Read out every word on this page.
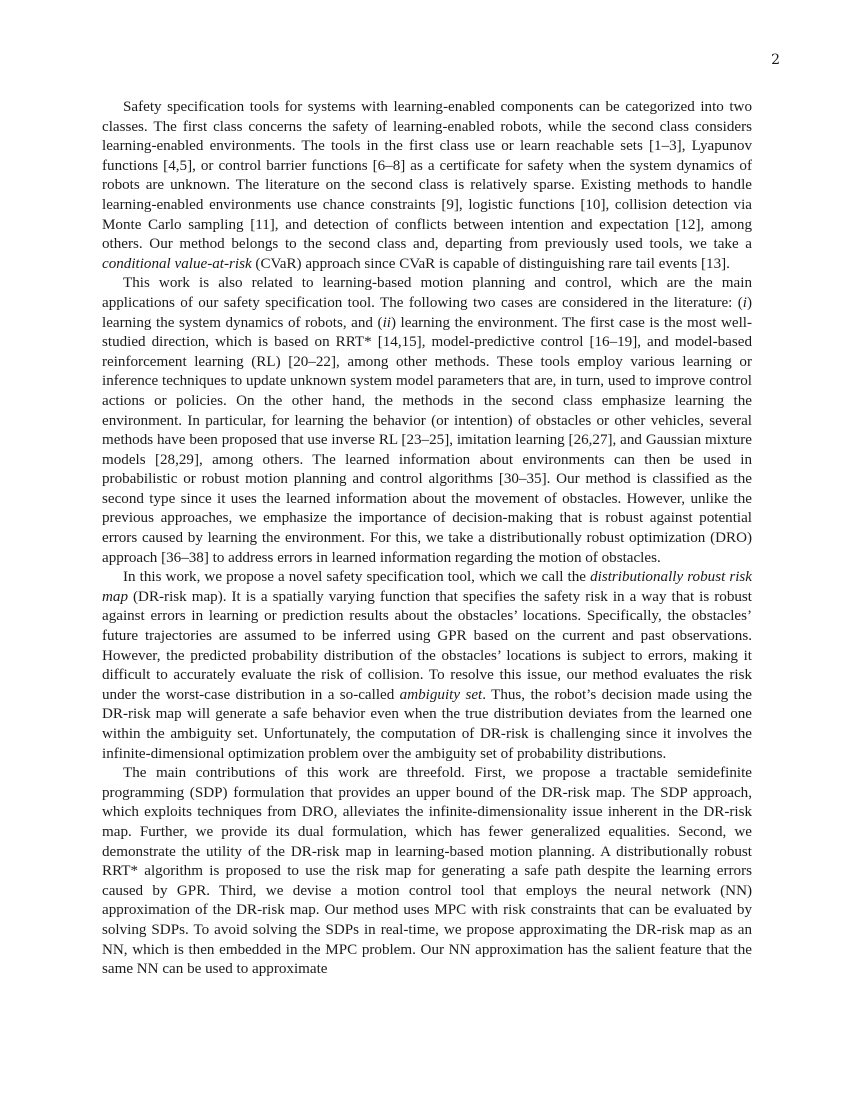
2

Safety specification tools for systems with learning-enabled components can be categorized into two classes. The first class concerns the safety of learning-enabled robots, while the second class considers learning-enabled environments. The tools in the first class use or learn reachable sets [1–3], Lyapunov functions [4,5], or control barrier functions [6–8] as a certificate for safety when the system dynamics of robots are unknown. The literature on the second class is relatively sparse. Existing methods to handle learning-enabled environments use chance constraints [9], logistic functions [10], collision detection via Monte Carlo sampling [11], and detection of conflicts between intention and expectation [12], among others. Our method belongs to the second class and, departing from previously used tools, we take a conditional value-at-risk (CVaR) approach since CVaR is capable of distinguishing rare tail events [13].

This work is also related to learning-based motion planning and control, which are the main applications of our safety specification tool. The following two cases are considered in the literature: (i) learning the system dynamics of robots, and (ii) learning the environment. The first case is the most well-studied direction, which is based on RRT* [14,15], model-predictive control [16–19], and model-based reinforcement learning (RL) [20–22], among other methods. These tools employ various learning or inference techniques to update unknown system model parameters that are, in turn, used to improve control actions or policies. On the other hand, the methods in the second class emphasize learning the environment. In particular, for learning the behavior (or intention) of obstacles or other vehicles, several methods have been proposed that use inverse RL [23–25], imitation learning [26,27], and Gaussian mixture models [28,29], among others. The learned information about environments can then be used in probabilistic or robust motion planning and control algorithms [30–35]. Our method is classified as the second type since it uses the learned information about the movement of obstacles. However, unlike the previous approaches, we emphasize the importance of decision-making that is robust against potential errors caused by learning the environment. For this, we take a distributionally robust optimization (DRO) approach [36–38] to address errors in learned information regarding the motion of obstacles.

In this work, we propose a novel safety specification tool, which we call the distributionally robust risk map (DR-risk map). It is a spatially varying function that specifies the safety risk in a way that is robust against errors in learning or prediction results about the obstacles’ locations. Specifically, the obstacles’ future trajectories are assumed to be inferred using GPR based on the current and past observations. However, the predicted probability distribution of the obstacles’ locations is subject to errors, making it difficult to accurately evaluate the risk of collision. To resolve this issue, our method evaluates the risk under the worst-case distribution in a so-called ambiguity set. Thus, the robot’s decision made using the DR-risk map will generate a safe behavior even when the true distribution deviates from the learned one within the ambiguity set. Unfortunately, the computation of DR-risk is challenging since it involves the infinite-dimensional optimization problem over the ambiguity set of probability distributions.

The main contributions of this work are threefold. First, we propose a tractable semidefinite programming (SDP) formulation that provides an upper bound of the DR-risk map. The SDP approach, which exploits techniques from DRO, alleviates the infinite-dimensionality issue inherent in the DR-risk map. Further, we provide its dual formulation, which has fewer generalized equalities. Second, we demonstrate the utility of the DR-risk map in learning-based motion planning. A distributionally robust RRT* algorithm is proposed to use the risk map for generating a safe path despite the learning errors caused by GPR. Third, we devise a motion control tool that employs the neural network (NN) approximation of the DR-risk map. Our method uses MPC with risk constraints that can be evaluated by solving SDPs. To avoid solving the SDPs in real-time, we propose approximating the DR-risk map as an NN, which is then embedded in the MPC problem. Our NN approximation has the salient feature that the same NN can be used to approximate
